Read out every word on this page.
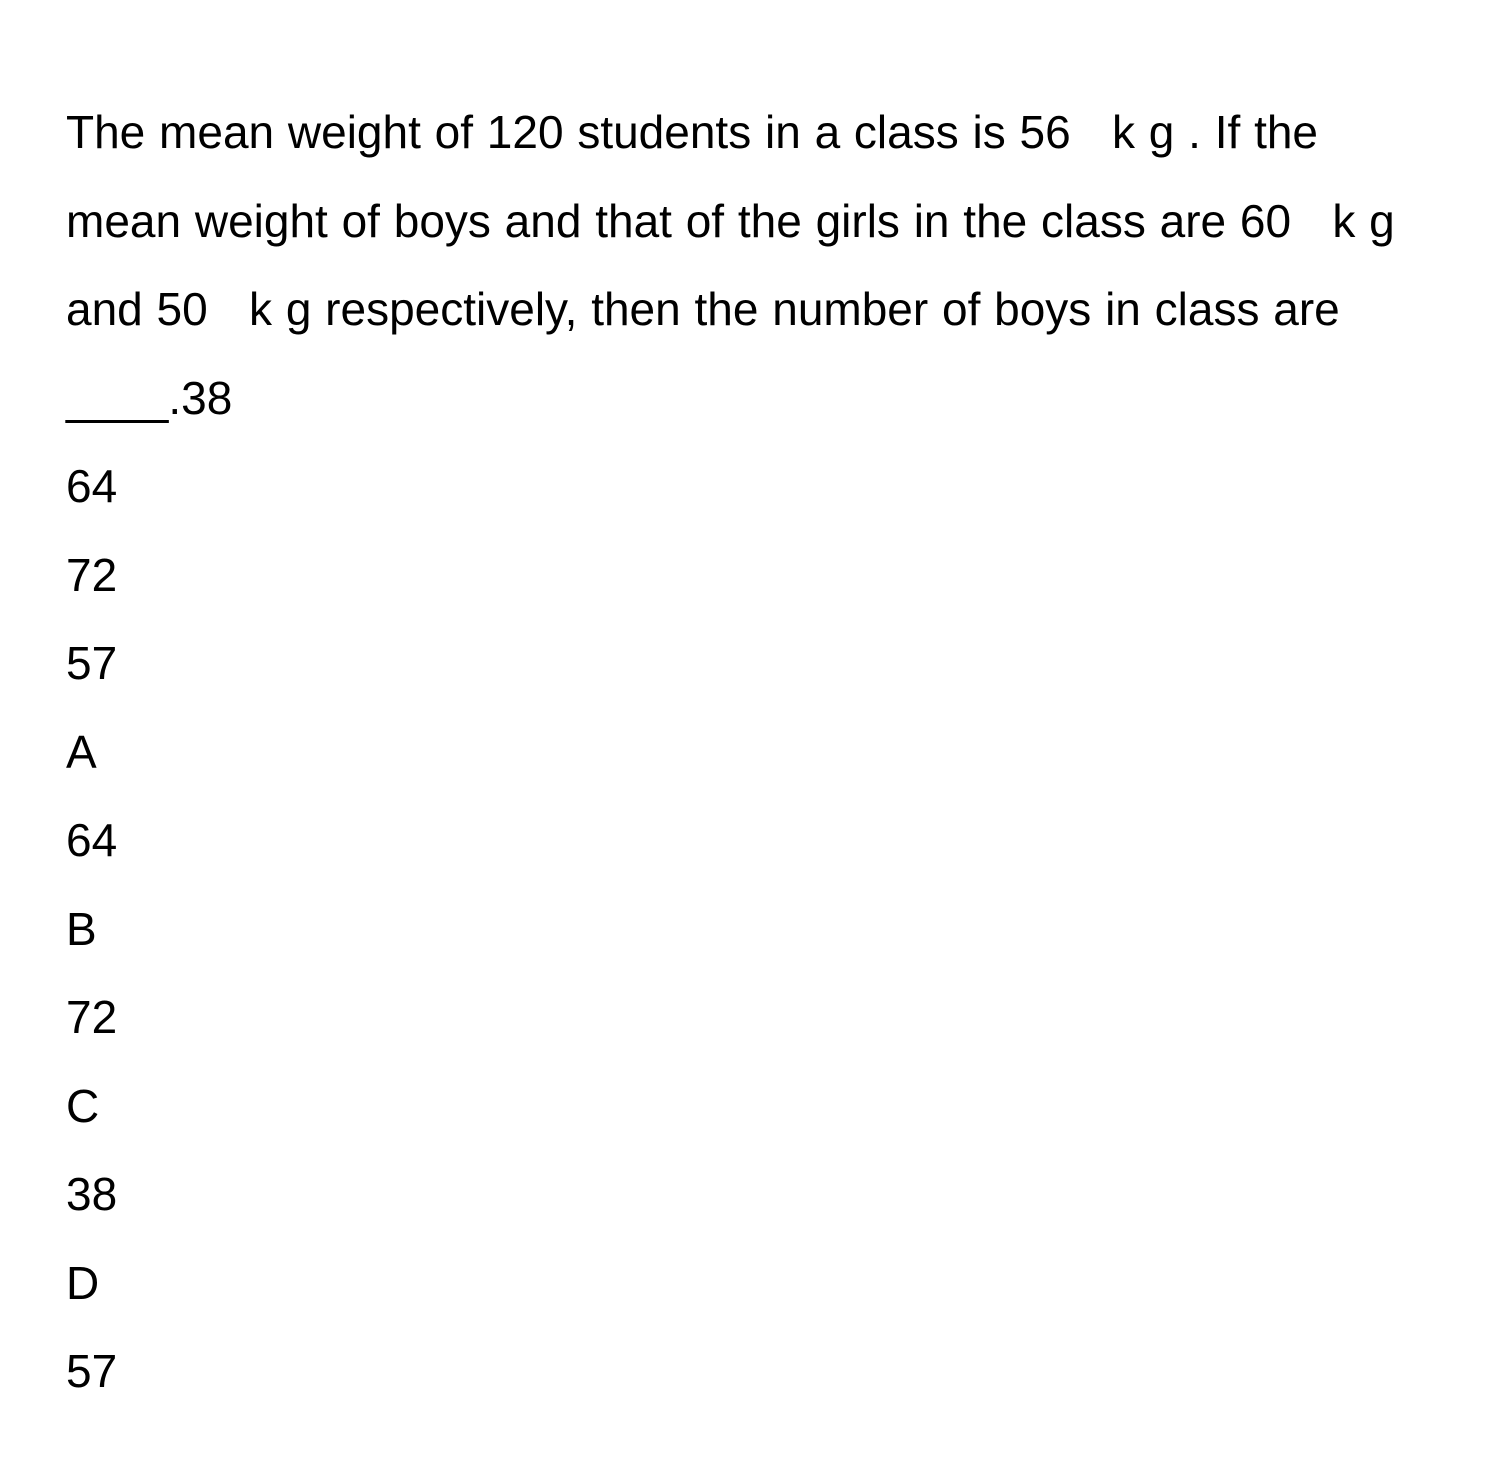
The mean weight of 120 students in a class is 56   k g . If the mean weight of boys and that of the girls in the class are 60   k g and 50   k g respectively, then the number of boys in class are ____.38

64
72
57
A
64
B
72
C
38
D
57
